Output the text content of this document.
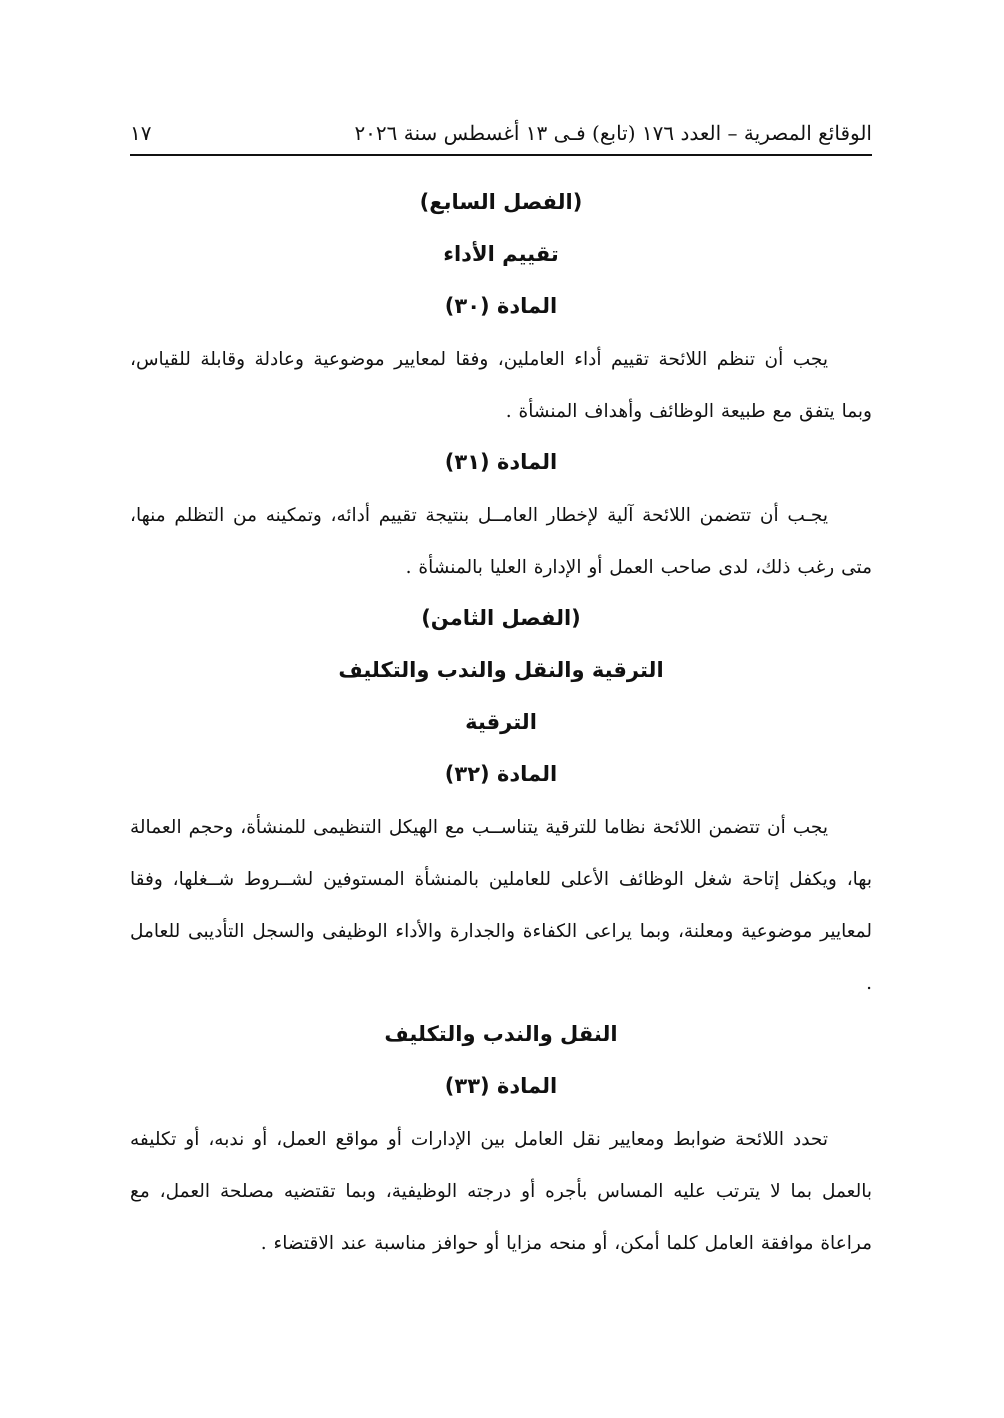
الوقائع المصرية – العدد ١٧٦ (تابع) فـى ١٣ أغسطس سنة ٢٠٢٦
١٧
(الفصل السابع)
تقييم الأداء
المادة (٣٠)

يجب أن تنظم اللائحة تقييم أداء العاملين، وفقا لمعايير موضوعية وعادلة وقابلة للقياس، وبما يتفق مع طبيعة الوظائف وأهداف المنشأة .

المادة (٣١)

يجـب أن تتضمن اللائحة آلية لإخطار العامــل بنتيجة تقييم أدائه، وتمكينه من التظلم منها، متى رغب ذلك، لدى صاحب العمل أو الإدارة العليا بالمنشأة .

(الفصل الثامن)
الترقية والنقل والندب والتكليف
الترقية
المادة (٣٢)

يجب أن تتضمن اللائحة نظاما للترقية يتناســب مع الهيكل التنظيمى للمنشأة، وحجم العمالة بها، ويكفل إتاحة شغل الوظائف الأعلى للعاملين بالمنشأة المستوفين لشــروط شــغلها، وفقا لمعايير موضوعية ومعلنة، وبما يراعى الكفاءة والجدارة والأداء الوظيفى والسجل التأديبى للعامل .

النقل والندب والتكليف
المادة (٣٣)

تحدد اللائحة ضوابط ومعايير نقل العامل بين الإدارات أو مواقع العمل، أو ندبه، أو تكليفه بالعمل بما لا يترتب عليه المساس بأجره أو درجته الوظيفية، وبما تقتضيه مصلحة العمل، مع مراعاة موافقة العامل كلما أمكن، أو منحه مزايا أو حوافز مناسبة عند الاقتضاء .
